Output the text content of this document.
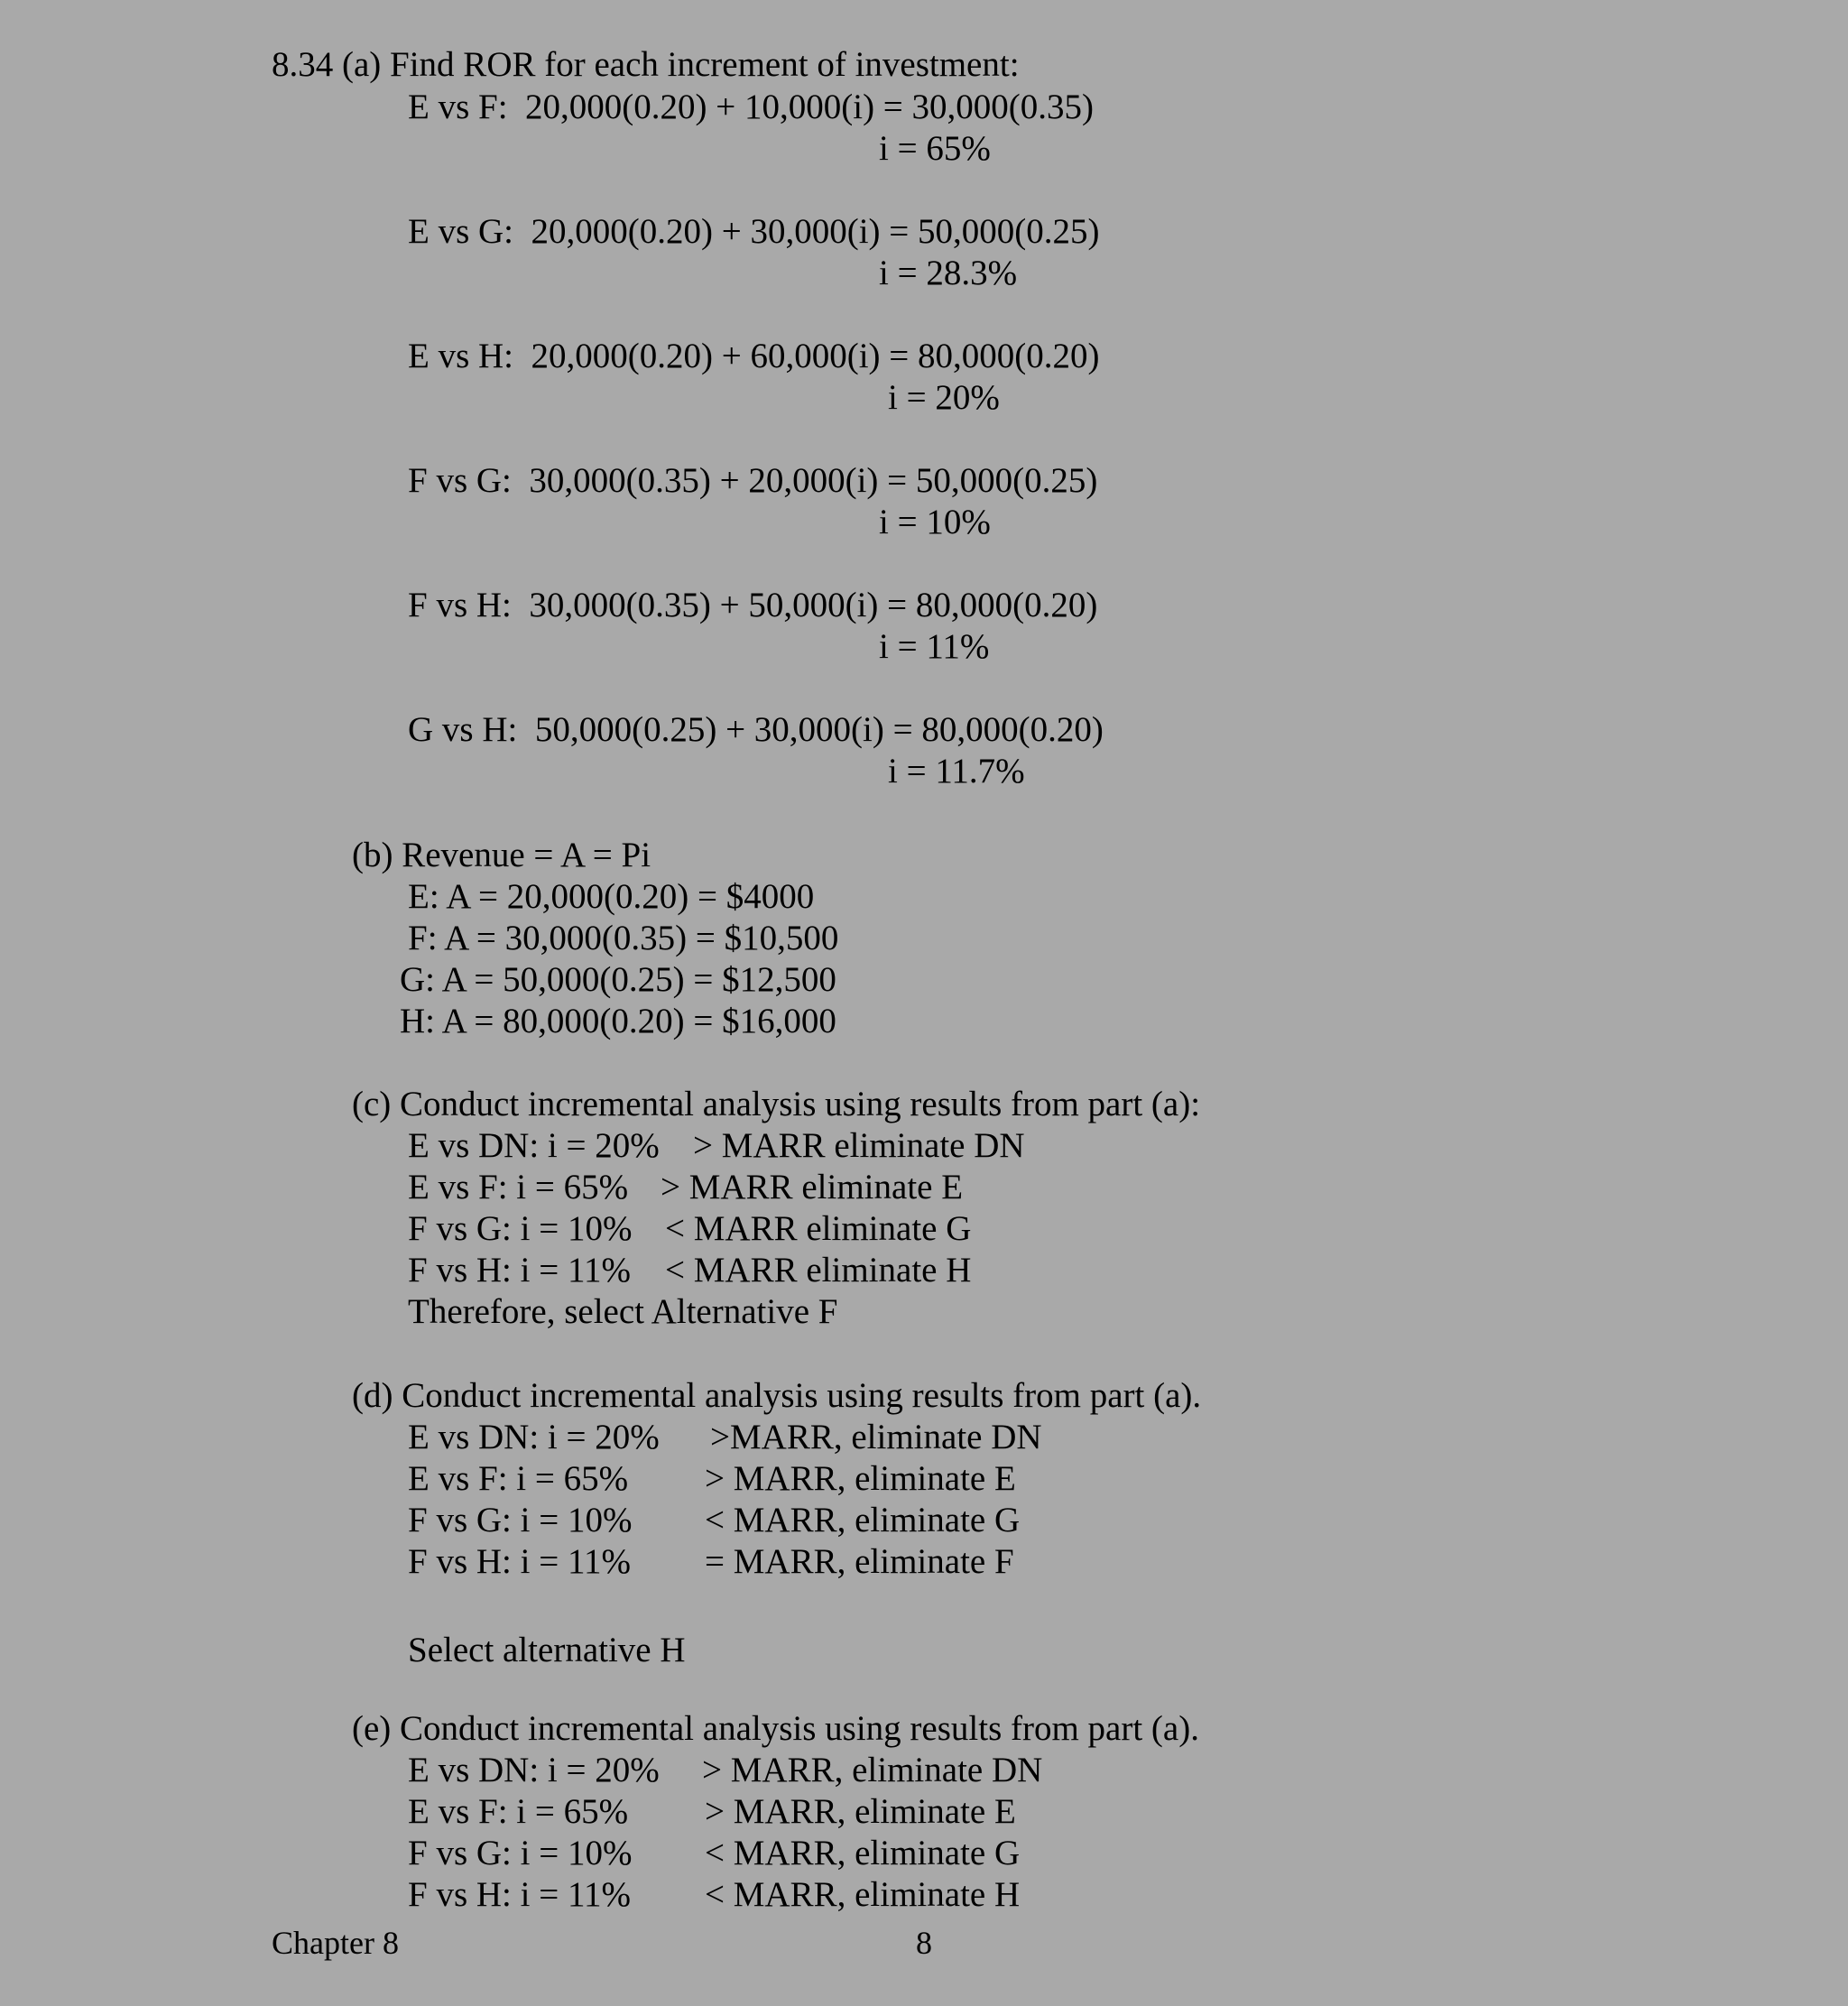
8.34 (a) Find ROR for each increment of investment:

E vs F:  20,000(0.20) + 10,000(i) = 30,000(0.35)

i = 65%

E vs G:  20,000(0.20) + 30,000(i) = 50,000(0.25)

i = 28.3%

E vs H:  20,000(0.20) + 60,000(i) = 80,000(0.20)

i = 20%

F vs G:  30,000(0.35) + 20,000(i) = 50,000(0.25)

i = 10%

F vs H:  30,000(0.35) + 50,000(i) = 80,000(0.20)

i = 11%

G vs H:  50,000(0.25) + 30,000(i) = 80,000(0.20)

i = 11.7%

(b) Revenue = A = Pi

E: A = 20,000(0.20) = $4000

F: A = 30,000(0.35) = $10,500

G: A = 50,000(0.25) = $12,500

H: A = 80,000(0.20) = $16,000

(c) Conduct incremental analysis using results from part (a):

E vs DN: i = 20% > MARR eliminate DN

E vs F: i = 65% > MARR eliminate E

F vs G: i = 10% < MARR eliminate G

F vs H: i = 11% < MARR eliminate H

Therefore, select Alternative F

(d) Conduct incremental analysis using results from part (a).

E vs DN: i = 20% >MARR, eliminate DN

E vs F: i = 65% > MARR, eliminate E

F vs G: i = 10% < MARR, eliminate G

F vs H: i = 11% = MARR, eliminate F

Select alternative H

(e) Conduct incremental analysis using results from part (a).

E vs DN: i = 20% > MARR, eliminate DN

E vs F: i = 65% > MARR, eliminate E

F vs G: i = 10% < MARR, eliminate G

F vs H: i = 11% < MARR, eliminate H

Chapter 8	8
